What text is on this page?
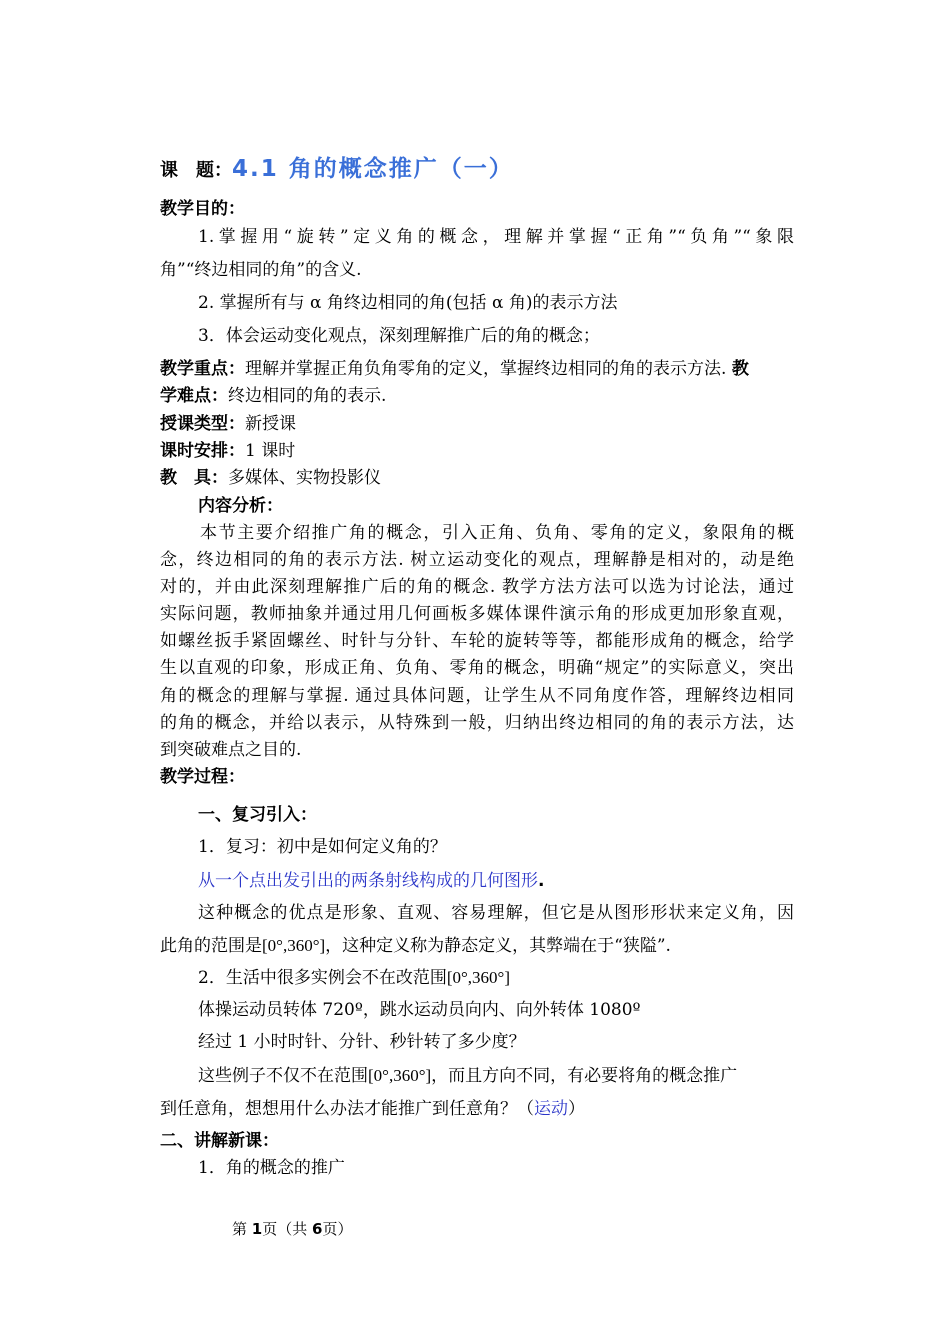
课　题：4.1 角的概念推广（一）
教学目的：
1.掌握用“旋转”定义角的概念，理解并掌握“正角”“负角”“象限
角”“终边相同的角”的含义.
2. 掌握所有与 α 角终边相同的角(包括 α 角)的表示方法
3．体会运动变化观点，深刻理解推广后的角的概念；
教学重点：理解并掌握正角负角零角的定义，掌握终边相同的角的表示方法. 教
学难点：终边相同的角的表示.
授课类型：新授课
课时安排：1 课时
教　具：多媒体、实物投影仪
内容分析：
本节主要介绍推广角的概念，引入正角、负角、零角的定义，象限角的概
念，终边相同的角的表示方法. 树立运动变化的观点，理解静是相对的，动是绝
对的，并由此深刻理解推广后的角的概念. 教学方法方法可以选为讨论法，通过
实际问题，教师抽象并通过用几何画板多媒体课件演示角的形成更加形象直观，
如螺丝扳手紧固螺丝、时针与分针、车轮的旋转等等，都能形成角的概念，给学
生以直观的印象，形成正角、负角、零角的概念，明确“规定”的实际意义，突出
角的概念的理解与掌握. 通过具体问题，让学生从不同角度作答，理解终边相同
的角的概念，并给以表示，从特殊到一般，归纳出终边相同的角的表示方法，达
到突破难点之目的.
教学过程：
一、复习引入：
1．复习：初中是如何定义角的？
从一个点出发引出的两条射线构成的几何图形.
这种概念的优点是形象、直观、容易理解，但它是从图形形状来定义角，因
此角的范围是[0°,360°]，这种定义称为静态定义，其弊端在于“狭隘”.
2．生活中很多实例会不在改范围[0°,360°]
体操运动员转体 720º，跳水运动员向内、向外转体 1080º
经过 1 小时时针、分针、秒针转了多少度？
这些例子不仅不在范围[0°,360°]，而且方向不同，有必要将角的概念推广
到任意角，想想用什么办法才能推广到任意角？（运动）
二、讲解新课：
1．角的概念的推广
第 1页（共 6页）
